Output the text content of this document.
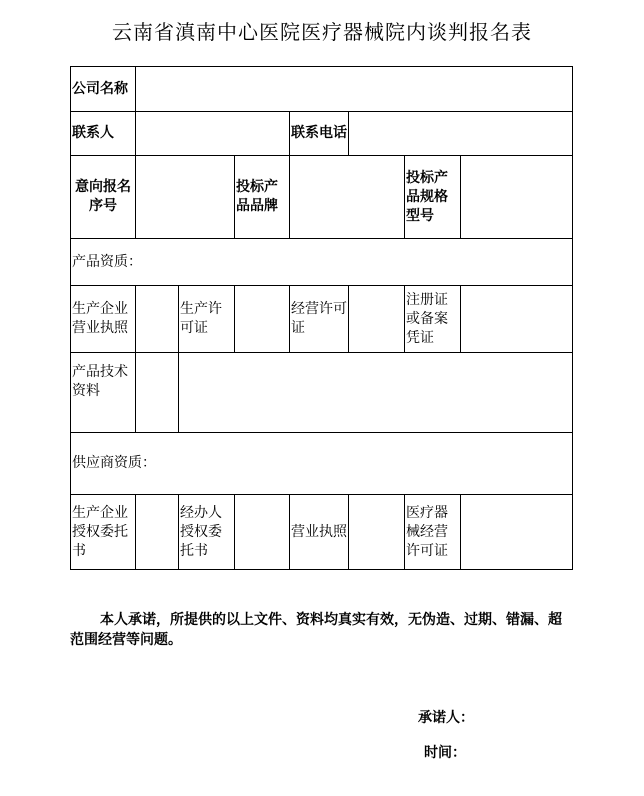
云南省滇南中心医院医疗器械院内谈判报名表
公司名称							
联系人				联系电话			
意向报名序号			投标产品品牌			投标产品规格型号	
产品资质：							
生产企业营业执照		生产许可证		经营许可证		注册证或备案凭证	
产品技术资料							
供应商资质：							
生产企业授权委托书		经办人授权委托书		营业执照		医疗器械经营许可证	
本人承诺，所提供的以上文件、资料均真实有效，无伪造、过期、错漏、超范围经营等问题。
承诺人：
时间：
